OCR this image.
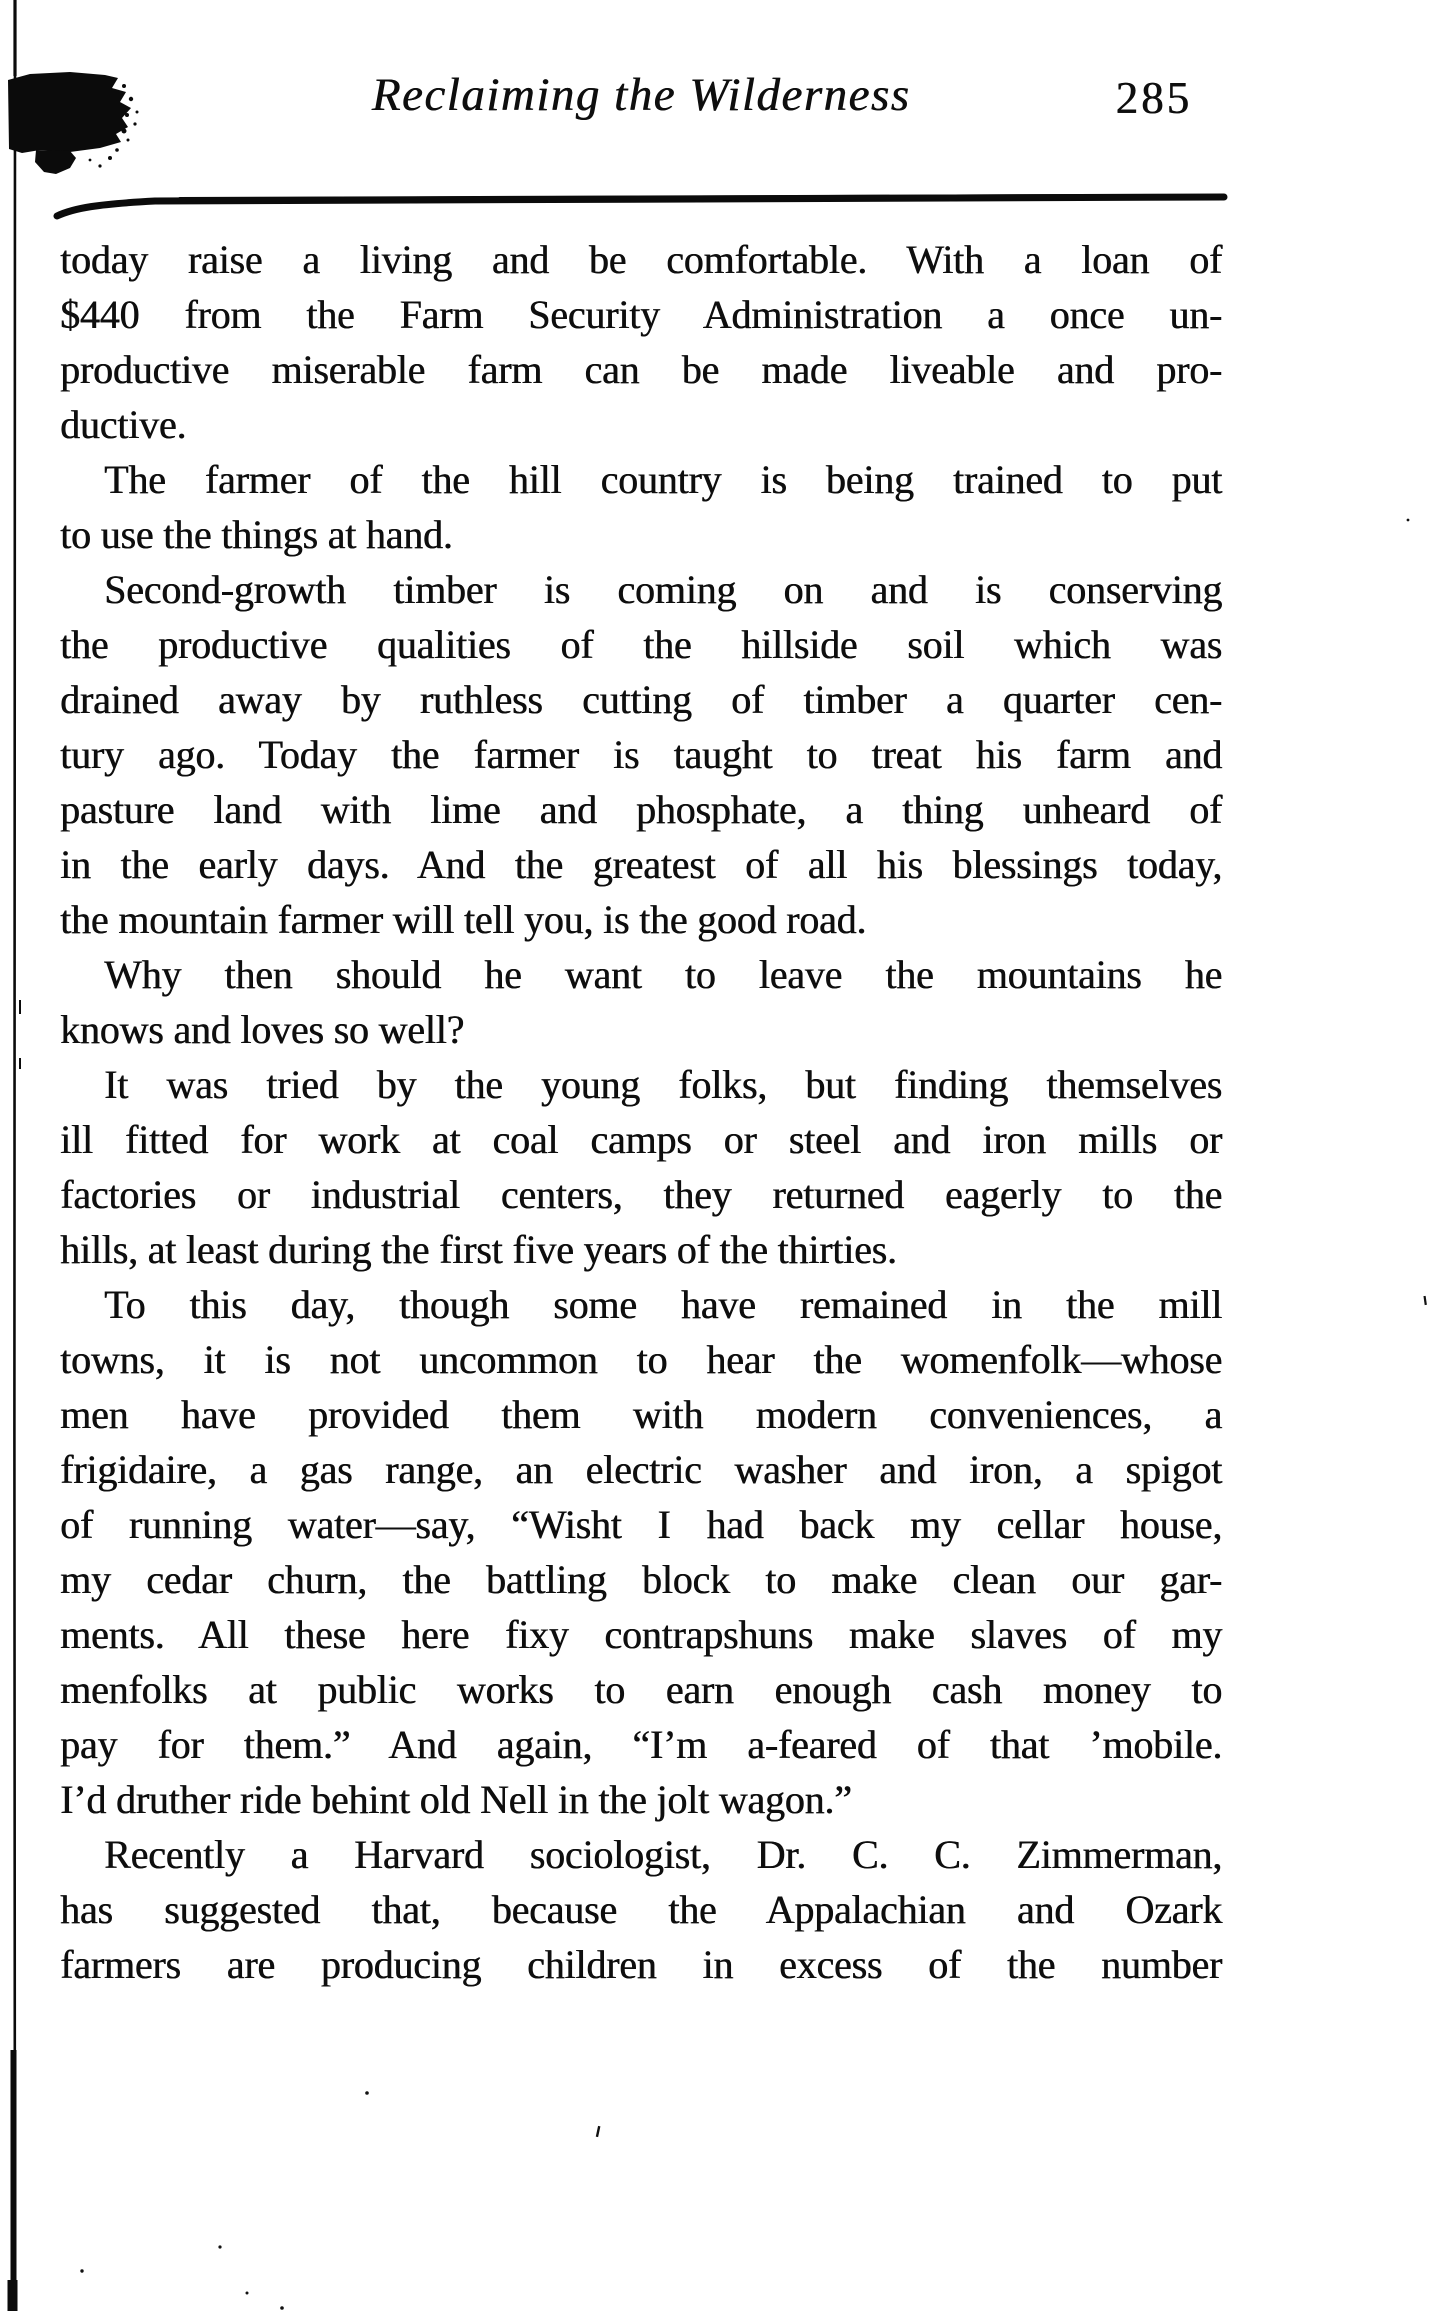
Reclaiming the Wilderness	285
today raise a living and be comfortable. With a loan of
$440 from the Farm Security Administration a once un-
productive miserable farm can be made liveable and pro-
ductive.
The farmer of the hill country is being trained to put
to use the things at hand.
Second-growth timber is coming on and is conserving
the productive qualities of the hillside soil which was
drained away by ruthless cutting of timber a quarter cen-
tury ago. Today the farmer is taught to treat his farm and
pasture land with lime and phosphate, a thing unheard of
in the early days. And the greatest of all his blessings today,
the mountain farmer will tell you, is the good road.
Why then should he want to leave the mountains he
knows and loves so well?
It was tried by the young folks, but finding themselves
ill fitted for work at coal camps or steel and iron mills or
factories or industrial centers, they returned eagerly to the
hills, at least during the first five years of the thirties.
To this day, though some have remained in the mill
towns, it is not uncommon to hear the womenfolk—whose
men have provided them with modern conveniences, a
frigidaire, a gas range, an electric washer and iron, a spigot
of running water—say, “Wisht I had back my cellar house,
my cedar churn, the battling block to make clean our gar-
ments. All these here fixy contrapshuns make slaves of my
menfolks at public works to earn enough cash money to
pay for them.” And again, “I’m a-feared of that ’mobile.
I’d druther ride behint old Nell in the jolt wagon.”
Recently a Harvard sociologist, Dr. C. C. Zimmerman,
has suggested that, because the Appalachian and Ozark
farmers are producing children in excess of the number
